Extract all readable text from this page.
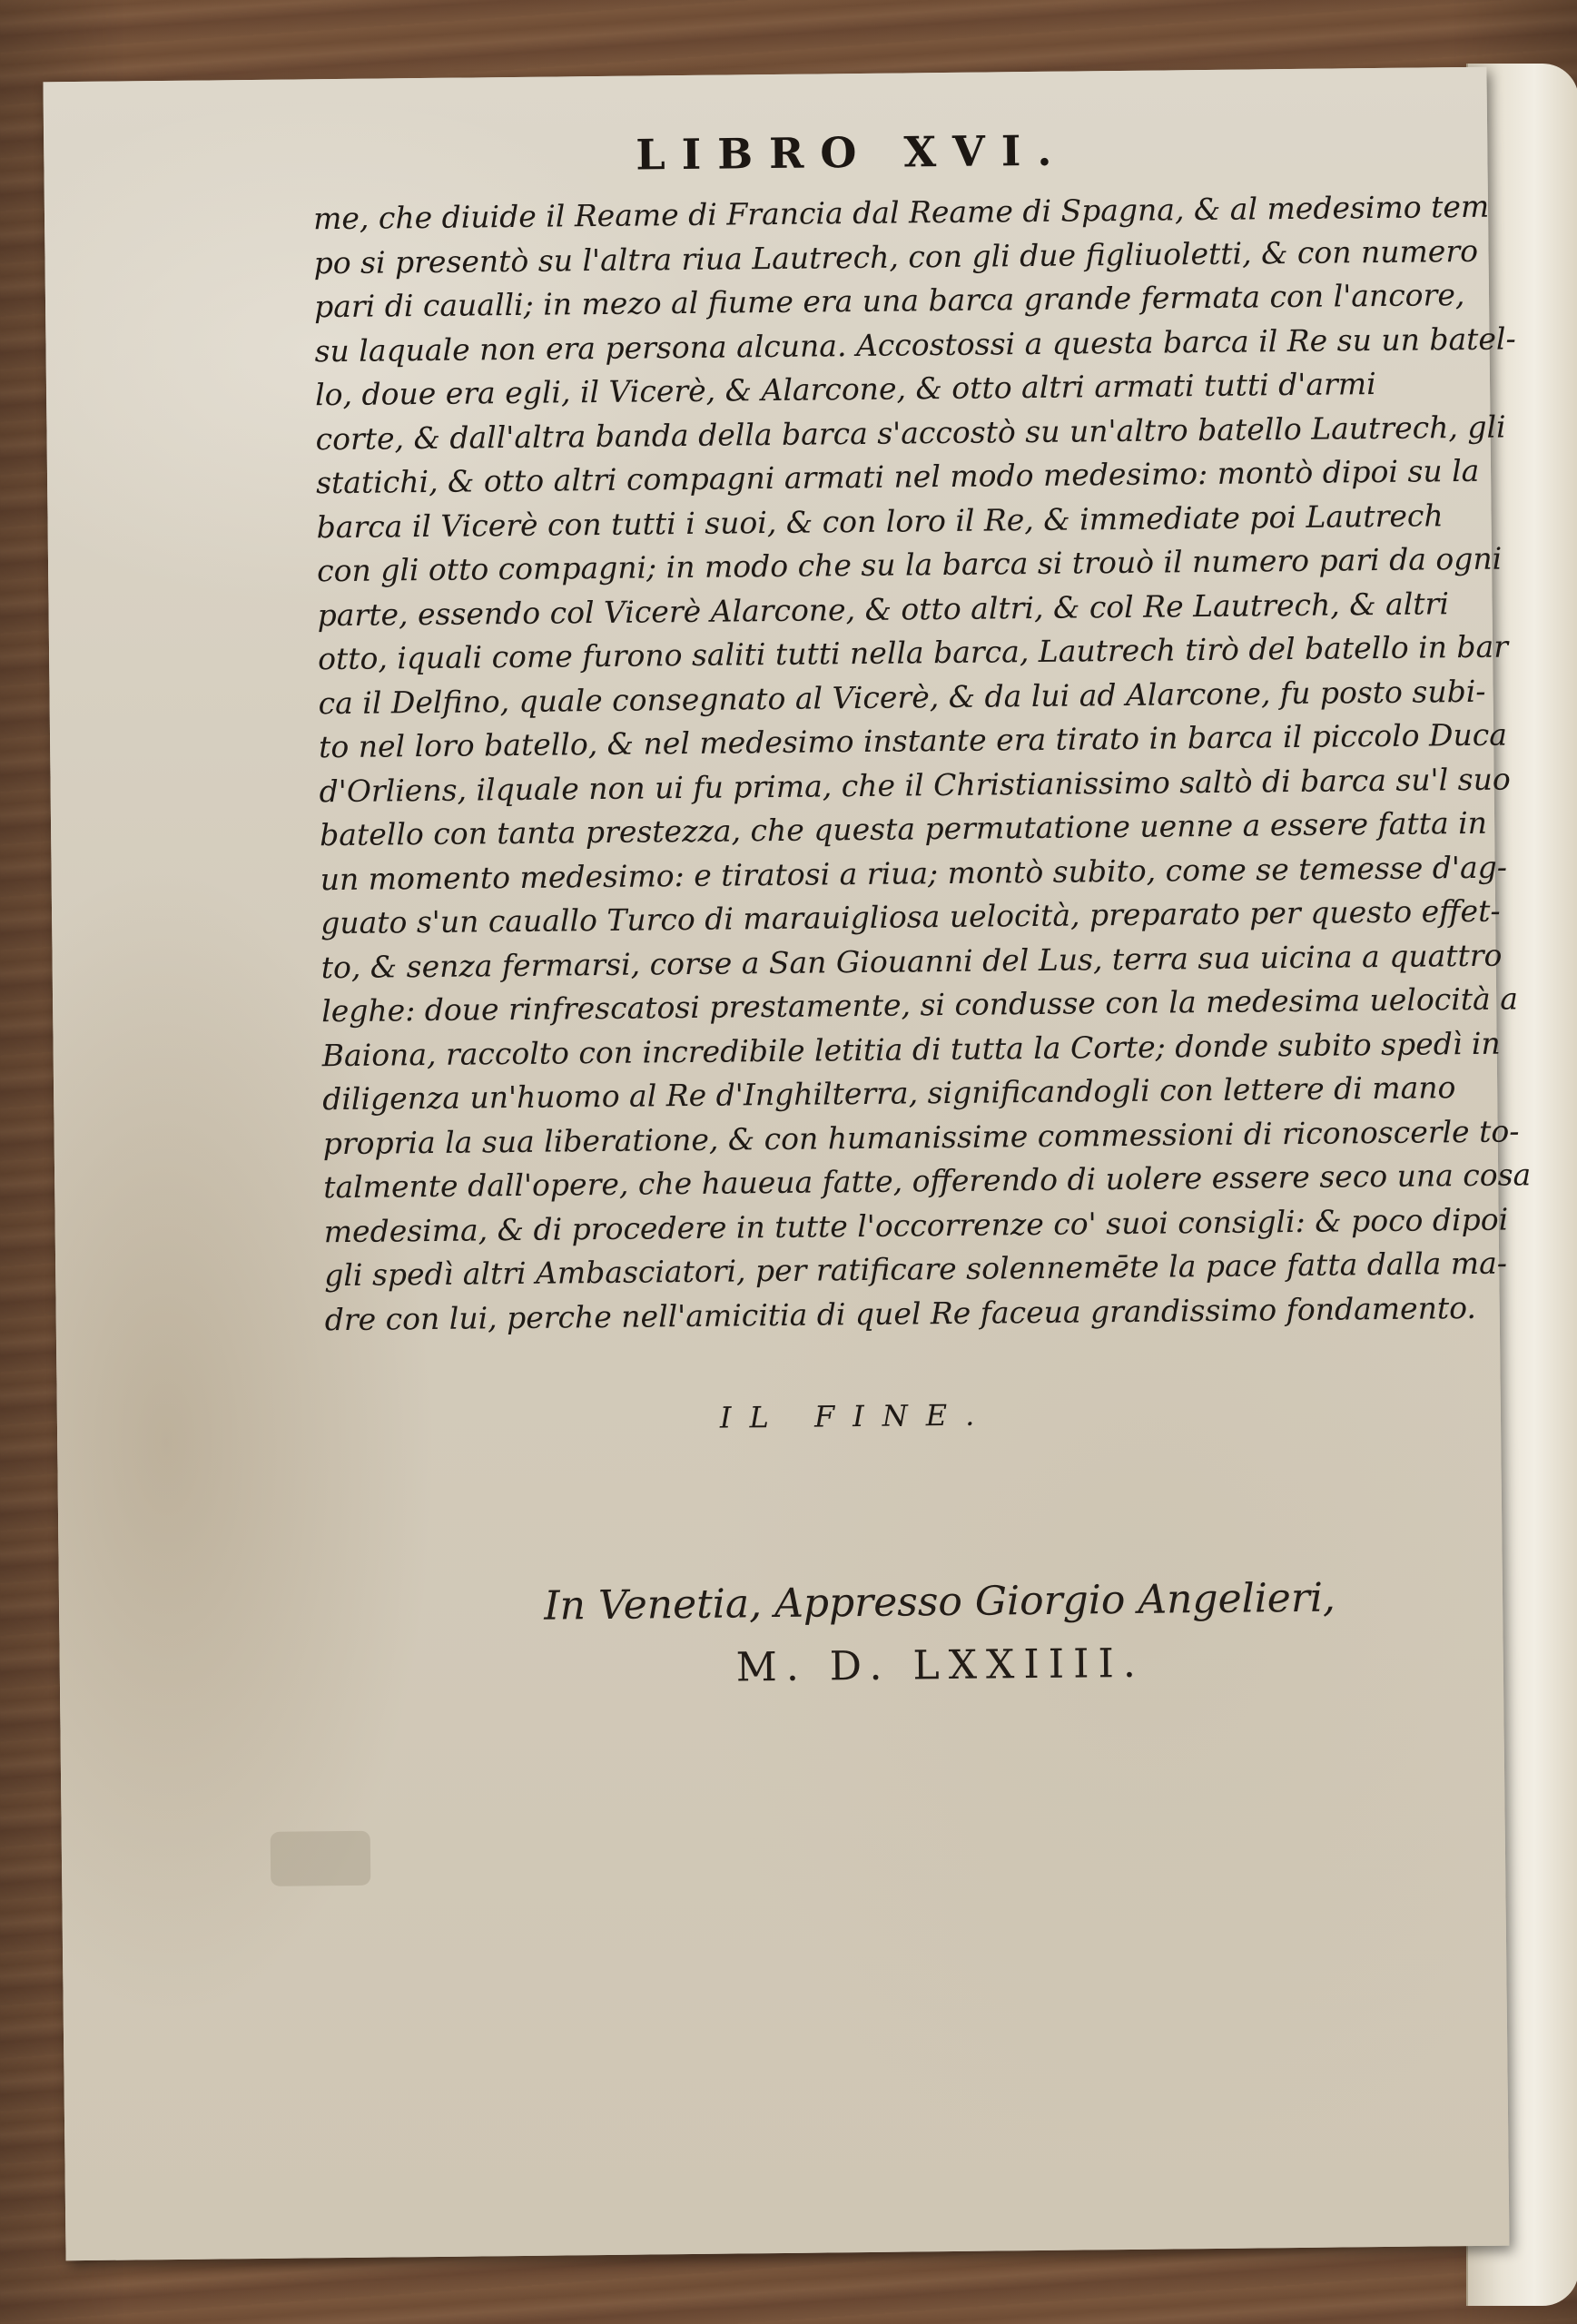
LIBRO XVI.
me, che diuide il Reame di Francia dal Reame di Spagna, & al medesimo tem
po si presentò su l'altra riua Lautrech, con gli due figliuoletti, & con numero
pari di caualli; in mezo al fiume era una barca grande fermata con l'ancore,
su laquale non era persona alcuna. Accostossi a questa barca il Re su un batel-
lo, doue era egli, il Vicerè, & Alarcone, & otto altri armati tutti d'armi
corte, & dall'altra banda della barca s'accostò su un'altro batello Lautrech, gli
statichi, & otto altri compagni armati nel modo medesimo: montò dipoi su la
barca il Vicerè con tutti i suoi, & con loro il Re, & immediate poi Lautrech
con gli otto compagni; in modo che su la barca si trouò il numero pari da ogni
parte, essendo col Vicerè Alarcone, & otto altri, & col Re Lautrech, & altri
otto, iquali come furono saliti tutti nella barca, Lautrech tirò del batello in bar
ca il Delfino, quale consegnato al Vicerè, & da lui ad Alarcone, fu posto subi-
to nel loro batello, & nel medesimo instante era tirato in barca il piccolo Duca
d'Orliens, ilquale non ui fu prima, che il Christianissimo saltò di barca su'l suo
batello con tanta prestezza, che questa permutatione uenne a essere fatta in
un momento medesimo: e tiratosi a riua; montò subito, come se temesse d'ag-
guato s'un cauallo Turco di marauigliosa uelocità, preparato per questo effet-
to, & senza fermarsi, corse a San Giouanni del Lus, terra sua uicina a quattro
leghe: doue rinfrescatosi prestamente, si condusse con la medesima uelocità a
Baiona, raccolto con incredibile letitia di tutta la Corte; donde subito spedì in
diligenza un'huomo al Re d'Inghilterra, significandogli con lettere di mano
propria la sua liberatione, & con humanissime commessioni di riconoscerle to-
talmente dall'opere, che haueua fatte, offerendo di uolere essere seco una cosa
medesima, & di procedere in tutte l'occorrenze co' suoi consigli: & poco dipoi
gli spedì altri Ambasciatori, per ratificare solennemēte la pace fatta dalla ma-
dre con lui, perche nell'amicitia di quel Re faceua grandissimo fondamento.
IL FINE.
In Venetia, Appresso Giorgio Angelieri,
M. D. LXXIIII.
